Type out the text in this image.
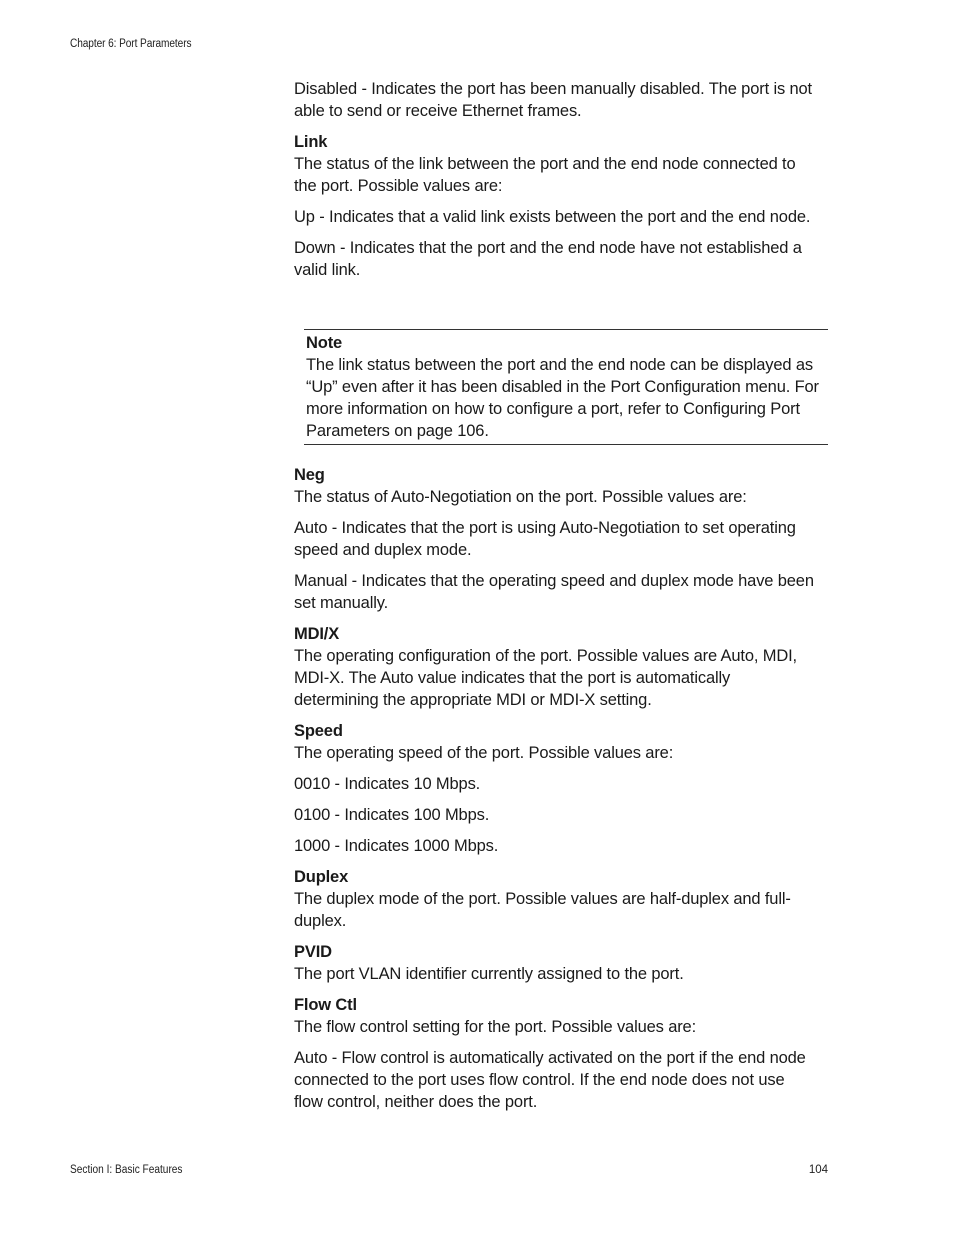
Chapter 6: Port Parameters

Disabled - Indicates the port has been manually disabled. The port is not able to send or receive Ethernet frames.

Link

The status of the link between the port and the end node connected to the port. Possible values are:

Up - Indicates that a valid link exists between the port and the end node.

Down - Indicates that the port and the end node have not established a valid link.

Note

The link status between the port and the end node can be displayed as “Up” even after it has been disabled in the Port Configuration menu. For more information on how to configure a port, refer to Configuring Port Parameters on page 106.

Neg

The status of Auto-Negotiation on the port. Possible values are:

Auto - Indicates that the port is using Auto-Negotiation to set operating speed and duplex mode.

Manual - Indicates that the operating speed and duplex mode have been set manually.

MDI/X

The operating configuration of the port. Possible values are Auto, MDI, MDI-X. The Auto value indicates that the port is automatically determining the appropriate MDI or MDI-X setting.

Speed

The operating speed of the port. Possible values are:

0010 - Indicates 10 Mbps.

0100 - Indicates 100 Mbps.

1000 - Indicates 1000 Mbps.

Duplex

The duplex mode of the port. Possible values are half-duplex and full-duplex.

PVID

The port VLAN identifier currently assigned to the port.

Flow Ctl

The flow control setting for the port. Possible values are:

Auto - Flow control is automatically activated on the port if the end node connected to the port uses flow control. If the end node does not use flow control, neither does the port.

Section I: Basic Features	104
